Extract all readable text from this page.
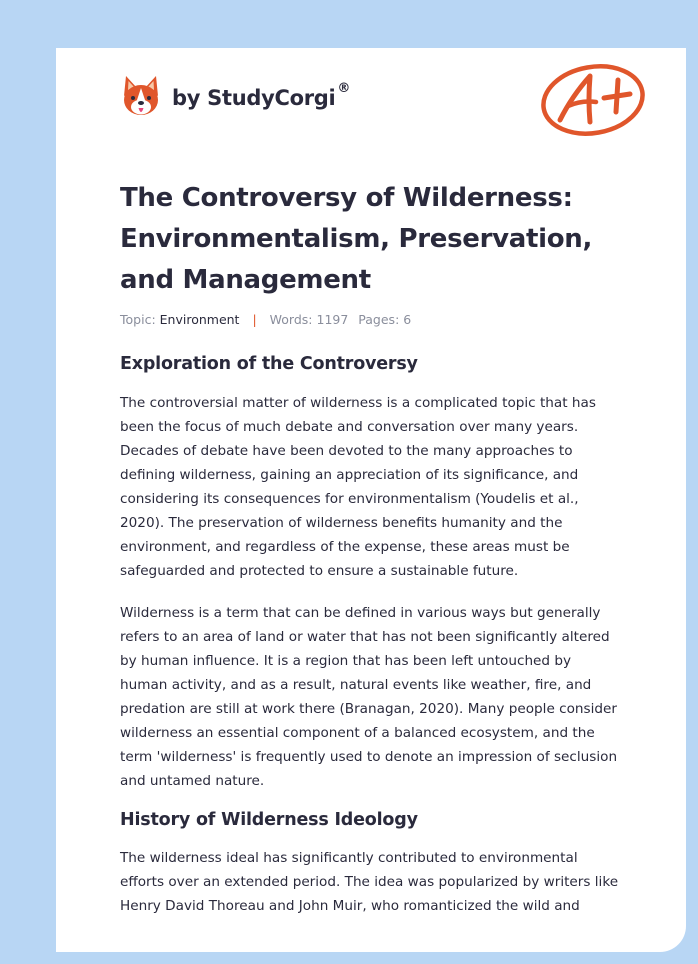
by StudyCorgi ®
The Controversy of Wilderness:
Environmentalism, Preservation,
and Management
Topic: Environment | Words: 1197 Pages: 6
Exploration of the Controversy

The controversial matter of wilderness is a complicated topic that has
been the focus of much debate and conversation over many years.
Decades of debate have been devoted to the many approaches to
defining wilderness, gaining an appreciation of its significance, and
considering its consequences for environmentalism (Youdelis et al.,
2020). The preservation of wilderness benefits humanity and the
environment, and regardless of the expense, these areas must be
safeguarded and protected to ensure a sustainable future.

Wilderness is a term that can be defined in various ways but generally
refers to an area of land or water that has not been significantly altered
by human influence. It is a region that has been left untouched by
human activity, and as a result, natural events like weather, fire, and
predation are still at work there (Branagan, 2020). Many people consider
wilderness an essential component of a balanced ecosystem, and the
term 'wilderness' is frequently used to denote an impression of seclusion
and untamed nature.

History of Wilderness Ideology

The wilderness ideal has significantly contributed to environmental
efforts over an extended period. The idea was popularized by writers like
Henry David Thoreau and John Muir, who romanticized the wild and
